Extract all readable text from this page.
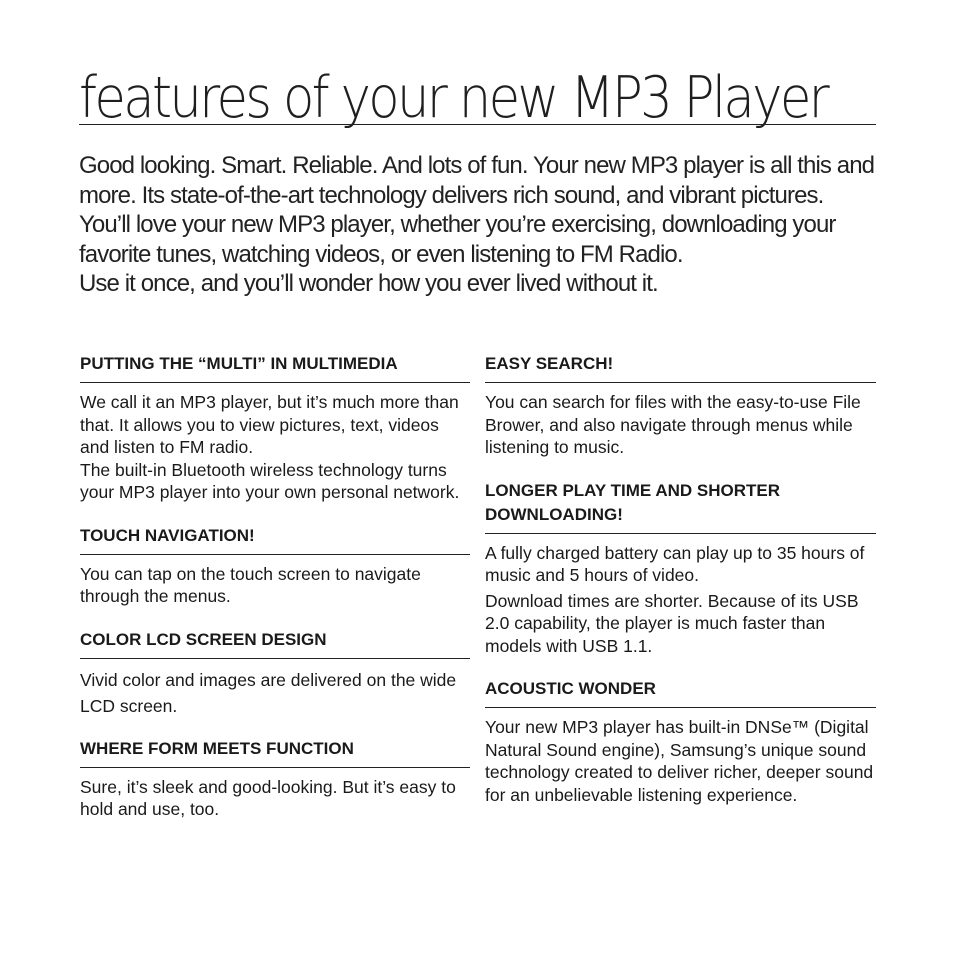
features of your new MP3 Player

Good looking. Smart. Reliable. And lots of fun. Your new MP3 player is all this and more. Its state-of-the-art technology delivers rich sound, and vibrant pictures. You’ll love your new MP3 player, whether you’re exercising, downloading your favorite tunes, watching videos, or even listening to FM Radio.

Use it once, and you’ll wonder how you ever lived without it.

PUTTING THE “MULTI” IN MULTIMEDIA

We call it an MP3 player, but it’s much more than that. It allows you to view pictures, text, videos and listen to FM radio.

The built-in Bluetooth wireless technology turns your MP3 player into your own personal network.

TOUCH NAVIGATION!

You can tap on the touch screen to navigate through the menus.

COLOR LCD SCREEN DESIGN

Vivid color and images are delivered on the wide LCD screen.

WHERE FORM MEETS FUNCTION

Sure, it’s sleek and good-looking. But it’s easy to hold and use, too.

EASY SEARCH!

You can search for files with the easy-to-use File Brower, and also navigate through menus while listening to music.

LONGER PLAY TIME AND SHORTER DOWNLOADING!

A fully charged battery can play up to 35 hours of music and 5 hours of video.

Download times are shorter. Because of its USB 2.0 capability, the player is much faster than models with USB 1.1.

ACOUSTIC WONDER

Your new MP3 player has built-in DNSe™ (Digital Natural Sound engine), Samsung’s unique sound technology created to deliver richer, deeper sound for an unbelievable listening experience.
